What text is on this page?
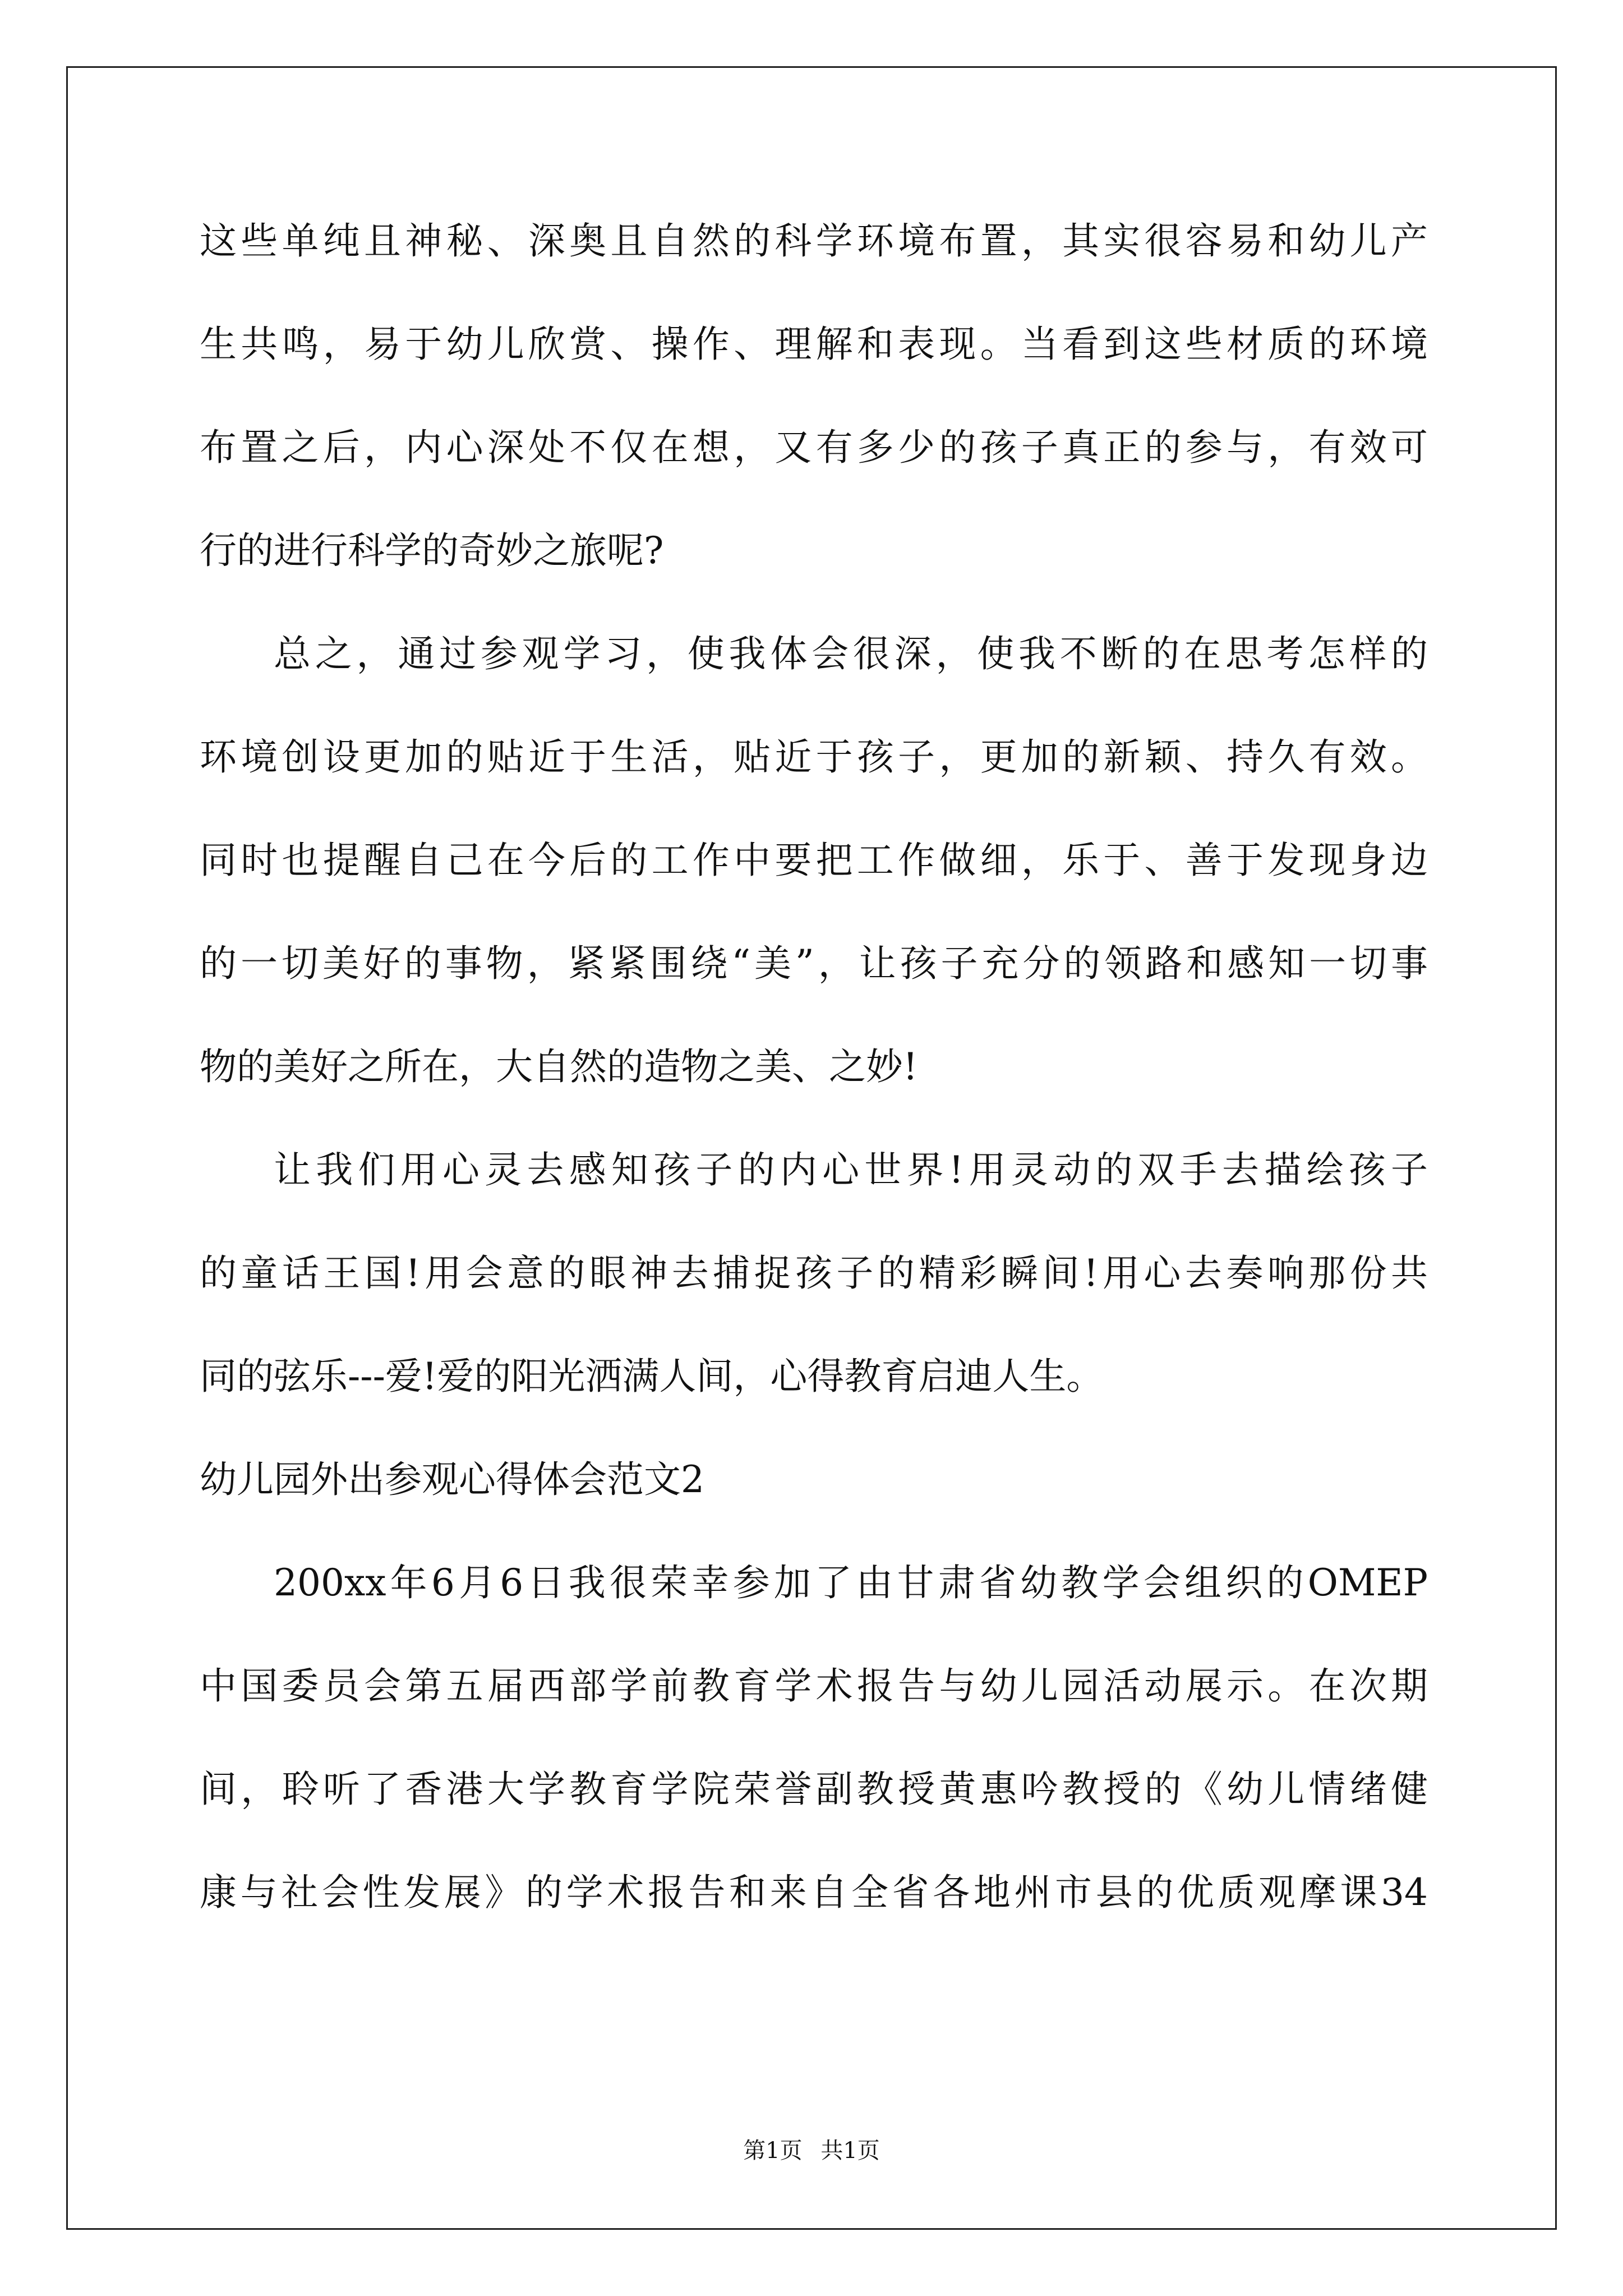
这些单纯且神秘、深奥且自然的科学环境布置，其实很容易和幼儿产
生共鸣，易于幼儿欣赏、操作、理解和表现。当看到这些材质的环境
布置之后，内心深处不仅在想，又有多少的孩子真正的参与，有效可
行的进行科学的奇妙之旅呢?
总之，通过参观学习，使我体会很深，使我不断的在思考怎样的
环境创设更加的贴近于生活，贴近于孩子，更加的新颖、持久有效。
同时也提醒自己在今后的工作中要把工作做细，乐于、善于发现身边
的一切美好的事物，紧紧围绕“美”，让孩子充分的领路和感知一切事
物的美好之所在，大自然的造物之美、之妙!
让我们用心灵去感知孩子的内心世界!用灵动的双手去描绘孩子
的童话王国!用会意的眼神去捕捉孩子的精彩瞬间!用心去奏响那份共
同的弦乐---爱!爱的阳光洒满人间，心得教育启迪人生。
幼儿园外出参观心得体会范文2
200xx年6月6日我很荣幸参加了由甘肃省幼教学会组织的OMEP
中国委员会第五届西部学前教育学术报告与幼儿园活动展示。在次期
间，聆听了香港大学教育学院荣誉副教授黄惠吟教授的《幼儿情绪健
康与社会性发展》的学术报告和来自全省各地州市县的优质观摩课34
第1页 共1页
